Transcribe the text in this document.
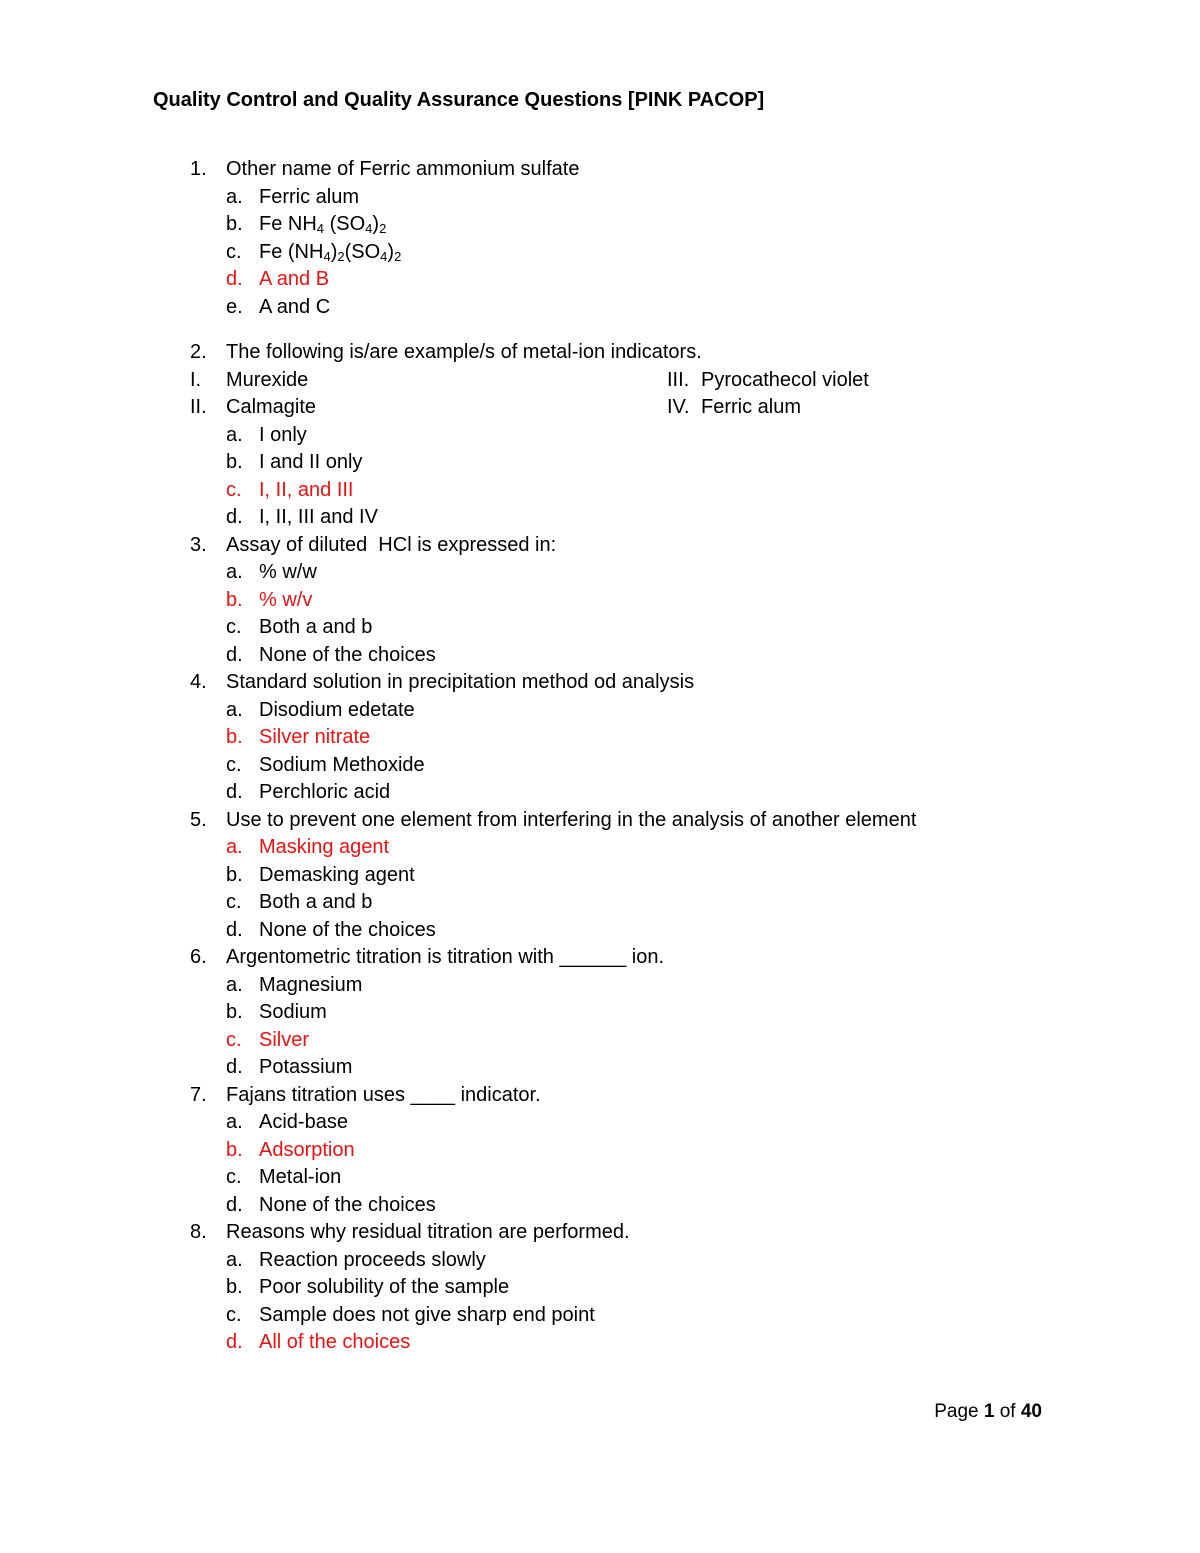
Quality Control and Quality Assurance Questions [PINK PACOP]
1. Other name of Ferric ammonium sulfate
a. Ferric alum
b. Fe $NH_4$ $(SO_4)_2$
c. Fe $(NH_4)_2(SO_4)_2$
d. A and B
e. A and C
2. The following is/are example/s of metal-ion indicators.
I. Murexide	III. Pyrocathecol violet
II. Calmagite	IV. Ferric alum
a. I only
b. I and II only
c. I, II, and III
d. I, II, III and IV
3. Assay of diluted  HCl is expressed in:
a. % w/w
b. % w/v
c. Both a and b
d. None of the choices
4. Standard solution in precipitation method od analysis
a. Disodium edetate
b. Silver nitrate
c. Sodium Methoxide
d. Perchloric acid
5. Use to prevent one element from interfering in the analysis of another element
a. Masking agent
b. Demasking agent
c. Both a and b
d. None of the choices
6. Argentometric titration is titration with ______ ion.
a. Magnesium
b. Sodium
c. Silver
d. Potassium
7. Fajans titration uses ____ indicator.
a. Acid-base
b. Adsorption
c. Metal-ion
d. None of the choices
8. Reasons why residual titration are performed.
a. Reaction proceeds slowly
b. Poor solubility of the sample
c. Sample does not give sharp end point
d. All of the choices
Page 1 of 40
